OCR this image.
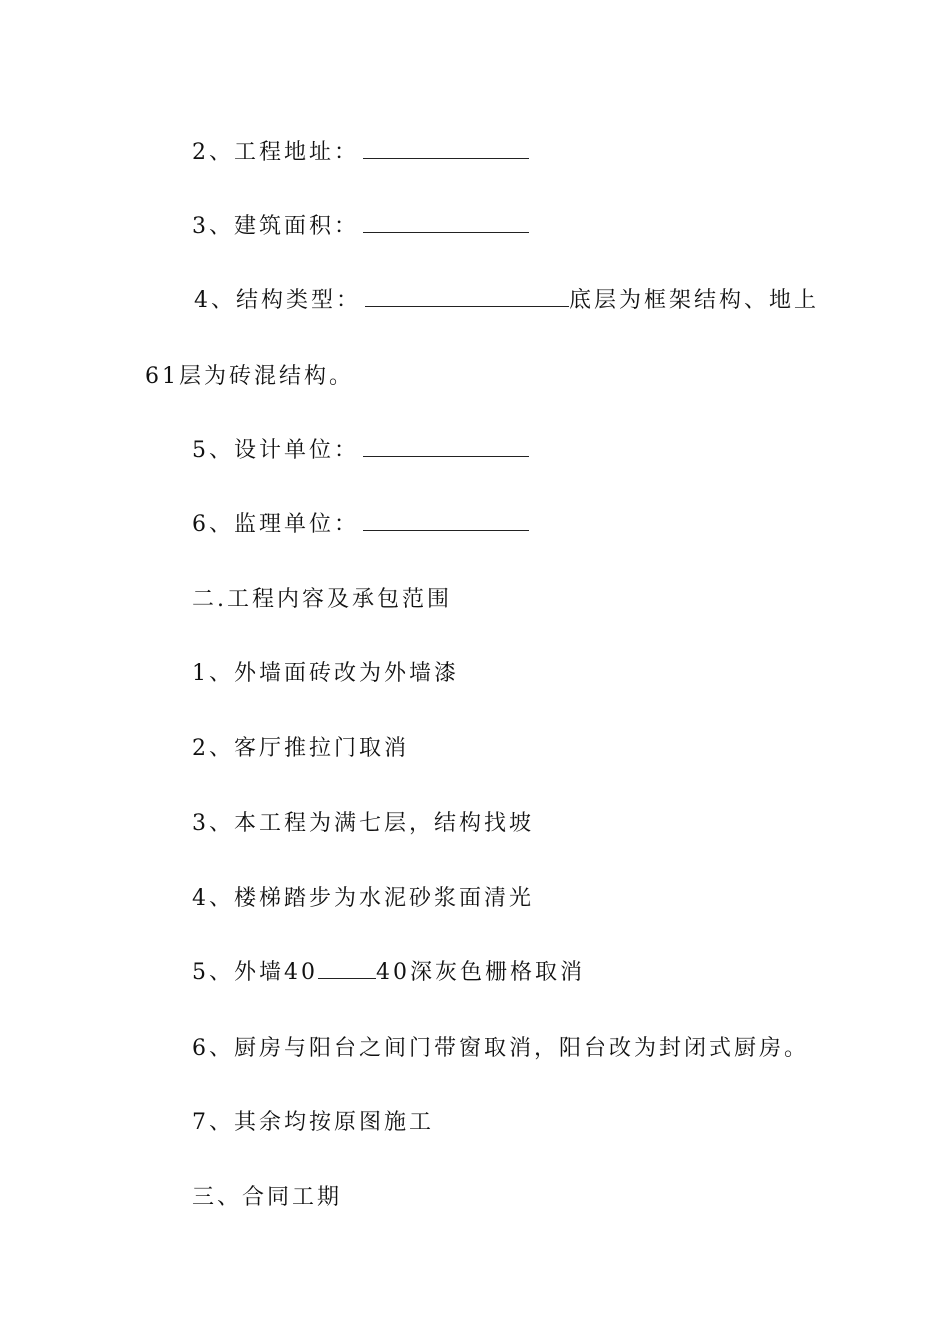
2、工程地址：
3、建筑面积：
4、结构类型：	底层为框架结构、地上
61层为砖混结构。
5、设计单位：
6、监理单位：
二.工程内容及承包范围
1、外墙面砖改为外墙漆
2、客厅推拉门取消
3、本工程为满七层，结构找坡
4、楼梯踏步为水泥砂浆面清光
5、外墙40	40深灰色栅格取消
6、厨房与阳台之间门带窗取消，阳台改为封闭式厨房。
7、其余均按原图施工
三、合同工期
